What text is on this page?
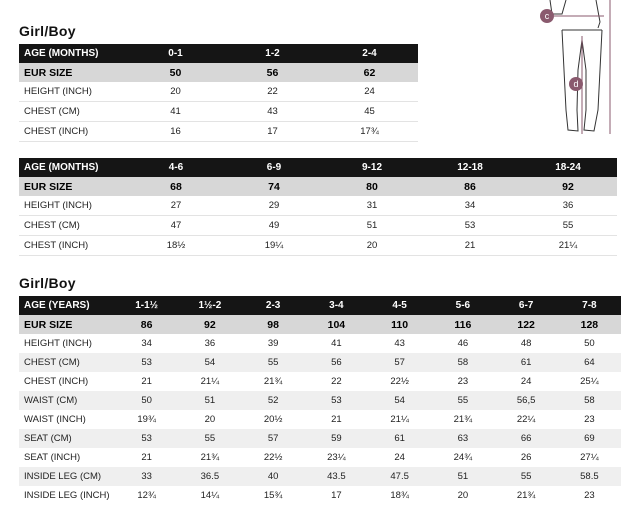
Girl/Boy
AGE (MONTHS)	0-1	1-2	2-4
EUR SIZE	50	56	62
HEIGHT (INCH)	20	22	24
CHEST (CM)	41	43	45
CHEST (INCH)	16	17	17¾
AGE (MONTHS)	4-6	6-9	9-12	12-18	18-24
EUR SIZE	68	74	80	86	92
HEIGHT (INCH)	27	29	31	34	36
CHEST (CM)	47	49	51	53	55
CHEST (INCH)	18½	19¼	20	21	21¼
Girl/Boy
AGE (YEARS)	1-1½	1½-2	2-3	3-4	4-5	5-6	6-7	7-8
EUR SIZE	86	92	98	104	110	116	122	128
HEIGHT (INCH)	34	36	39	41	43	46	48	50
CHEST (CM)	53	54	55	56	57	58	61	64
CHEST (INCH)	21	21¼	21¾	22	22½	23	24	25¼
WAIST (CM)	50	51	52	53	54	55	56,5	58
WAIST (INCH)	19¾	20	20½	21	21¼	21¾	22¼	23
SEAT (CM)	53	55	57	59	61	63	66	69
SEAT (INCH)	21	21¾	22½	23¼	24	24¾	26	27¼
INSIDE LEG (CM)	33	36.5	40	43.5	47.5	51	55	58.5
INSIDE LEG (INCH)	12¾	14¼	15¾	17	18¾	20	21¾	23
c
d
